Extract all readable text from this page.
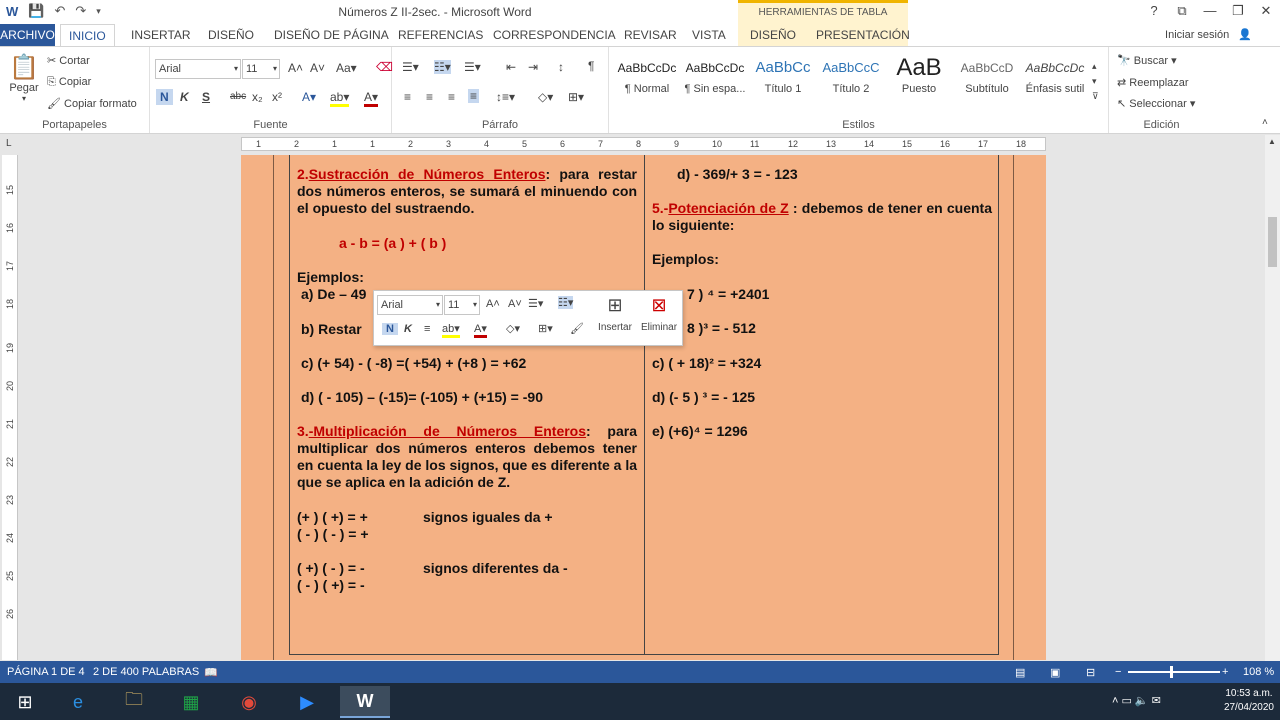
W 💾 ↶ ↷ ▾	Números Z II-2sec. - Microsoft Word	HERRAMIENTAS DE TABLA	?	⧉	—	❐	✕
ARCHIVO	INICIO	INSERTAR	DISEÑO	DISEÑO DE PÁGINA REFERENCIAS CORRESPONDENCIA REVISAR	VISTA	DISEÑO	PRESENTACIÓN	Iniciar sesión 👤
📋
Pegar
▾
✂ Cortar
⎘ Copiar
🖌 Copiar formato
Portapapeles
Arial	▾ 11 ▾ A˄ A˅ Aa▾ ⌫
N K S abc x₂ x² A▾ ab▾ A▾
Fuente
☰▾ ☷▾ ☰▾ ⇤ ⇥ ↕ ¶
≡ ≡ ≡ ≡ ↕≡▾ ◇▾ ⊞▾
Párrafo
AaBbCcDc
¶ Normal
AaBbCcDc
¶ Sin espa...
AaBbCc
Título 1
AaBbCcC
Título 2
AaB
Puesto
AaBbCcD
Subtítulo
AaBbCcDc
Énfasis sutil
▴
▾
⊽
Estilos
🔭 Buscar ▾
⇄ Reemplazar
↖ Seleccionar ▾
Edición	˄
L	1	2	1	1	2	3	4	5	6	7	8	9	10	11	12	13	14	15	16	17	18
15
16
17
18
19
20
21
22
23
24
25
26
2.Sustracción de Números Enteros: para restar dos números enteros, se sumará el minuendo con el opuesto del sustraendo.
a - b = (a ) + ( b )
Ejemplos:
a) De – 49
b) Restar
c) (+ 54) - ( -8) =( +54) + (+8 ) = +62
d) ( - 105) – (-15)= (-105) + (+15) = -90
3.-Multiplicación de Números Enteros: para multiplicar dos números enteros debemos tener en cuenta la ley de los signos, que es diferente a la que se aplica en la adición de Z.
(+ ) ( +) = +	signos iguales da +
( - ) ( - ) = +
( +) ( - ) = -	signos diferentes da -
( - ) ( +) = -
d) - 369/+ 3 = - 123
5.-Potenciación de Z : debemos de tener en cuenta lo siguiente:
Ejemplos:
7 ) ⁴ = +2401
8 )³ = - 512
c) ( + 18)² = +324
d) (- 5 ) ³ = - 125
e) (+6)⁴ = 1296
Arial	▾ 11 ▾ A˄ A˅ ☰▾ ☷▾
N K ≡ ab▾ A▾ ◇▾ ⊞▾ 🖌
⊞
Insertar
⊠
Eliminar
▲
PÁGINA 1 DE 4 2 DE 400 PALABRAS 📖	▤ ▣ ⊟ −	+ 108 %
⊞	e	🗀	▦	◉	▶	W	˄ ▭ 🔈 ✉
10:53 a.m.
27/04/2020
